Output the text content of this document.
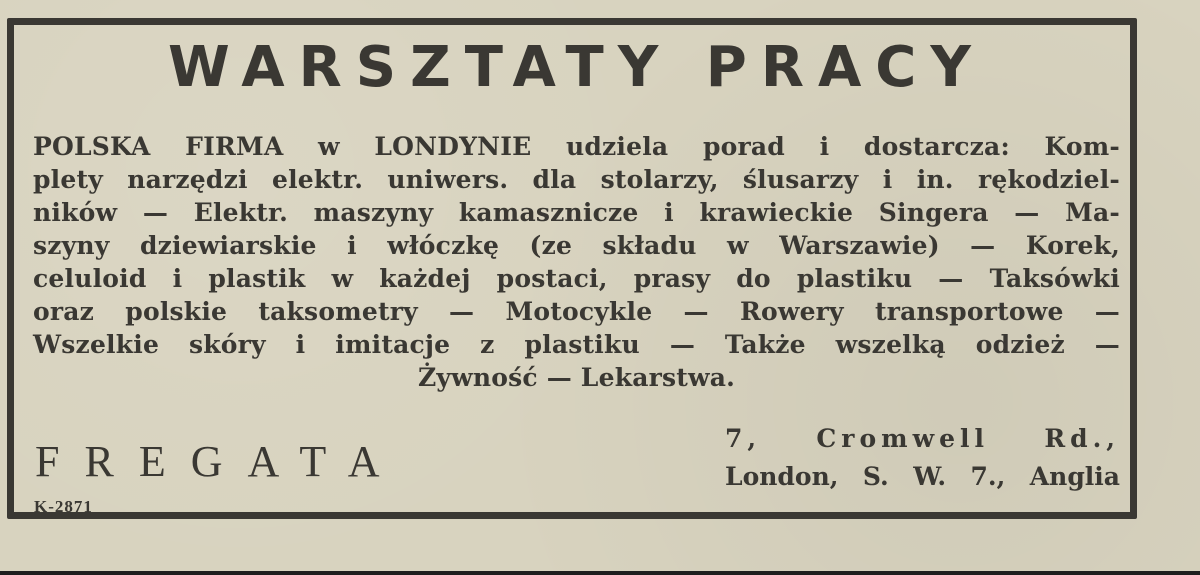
WARSZTATY PRACY
POLSKA FIRMA w LONDYNIE udziela porad i dostarcza: Kom-
plety narzędzi elektr. uniwers. dla stolarzy, ślusarzy i in. rękodziel-
ników — Elektr. maszyny kamasznicze i krawieckie Singera — Ma-
szyny dziewiarskie i włóczkę (ze składu w Warszawie) — Korek,
celuloid i plastik w każdej postaci, prasy do plastiku — Taksówki
oraz polskie taksometry — Motocykle — Rowery transportowe —
Wszelkie skóry i imitacje z plastiku — Także wszelką odzież —
Żywność — Lekarstwa.
FREGATA
K-2871
7, Cromwell Rd.,
London, S. W. 7., Anglia
